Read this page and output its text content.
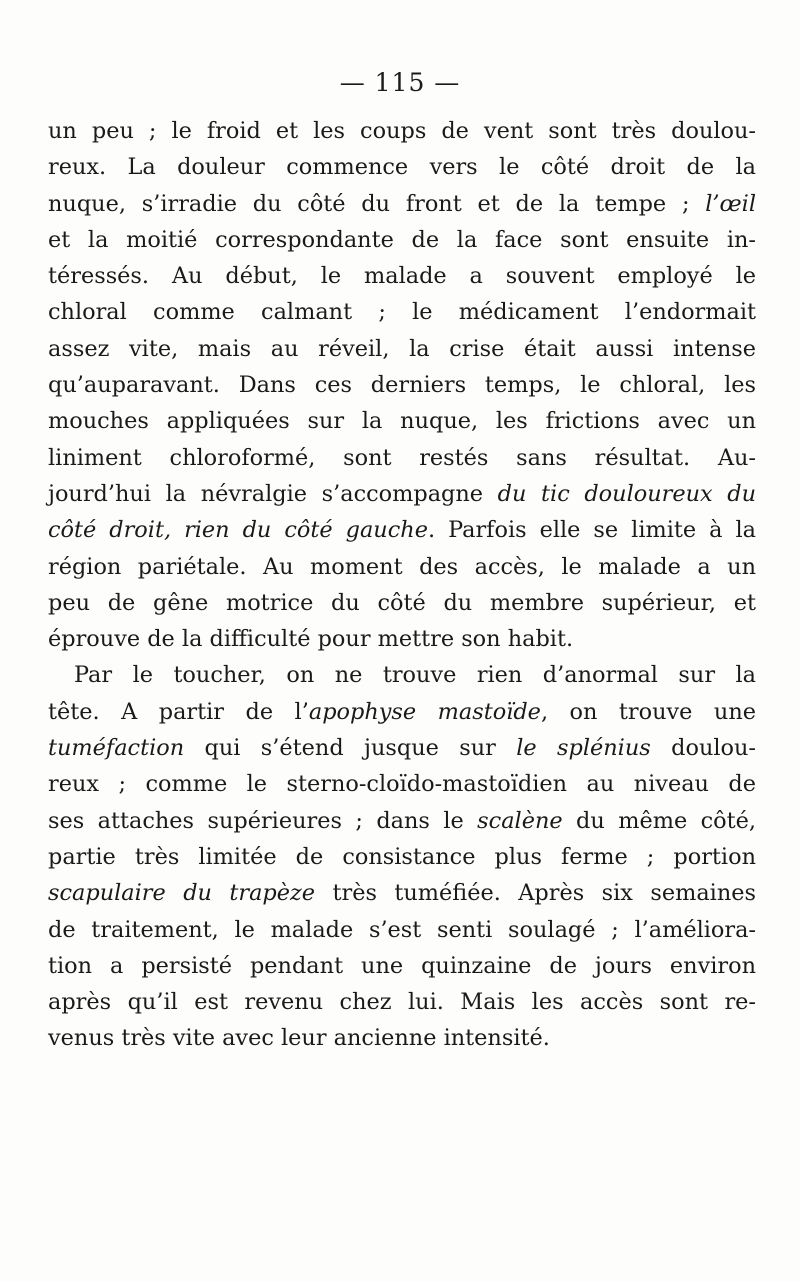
— 115 —
un peu ; le froid et les coups de vent sont très doulou-
reux. La douleur commence vers le côté droit de la
nuque, s’irradie du côté du front et de la tempe ; l’œil
et la moitié correspondante de la face sont ensuite in-
téressés. Au début, le malade a souvent employé le
chloral comme calmant ; le médicament l’endormait
assez vite, mais au réveil, la crise était aussi intense
qu’auparavant. Dans ces derniers temps, le chloral, les
mouches appliquées sur la nuque, les frictions avec un
liniment chloroformé, sont restés sans résultat. Au-
jourd’hui la névralgie s’accompagne du tic douloureux du
côté droit, rien du côté gauche. Parfois elle se limite à la
région pariétale. Au moment des accès, le malade a un
peu de gêne motrice du côté du membre supérieur, et
éprouve de la difficulté pour mettre son habit.
Par le toucher, on ne trouve rien d’anormal sur la
tête. A partir de l’apophyse mastoïde, on trouve une
tuméfaction qui s’étend jusque sur le splénius doulou-
reux ; comme le sterno-cloïdo-mastoïdien au niveau de
ses attaches supérieures ; dans le scalène du même côté,
partie très limitée de consistance plus ferme ; portion
scapulaire du trapèze très tuméfiée. Après six semaines
de traitement, le malade s’est senti soulagé ; l’améliora-
tion a persisté pendant une quinzaine de jours environ
après qu’il est revenu chez lui. Mais les accès sont re-
venus très vite avec leur ancienne intensité.
